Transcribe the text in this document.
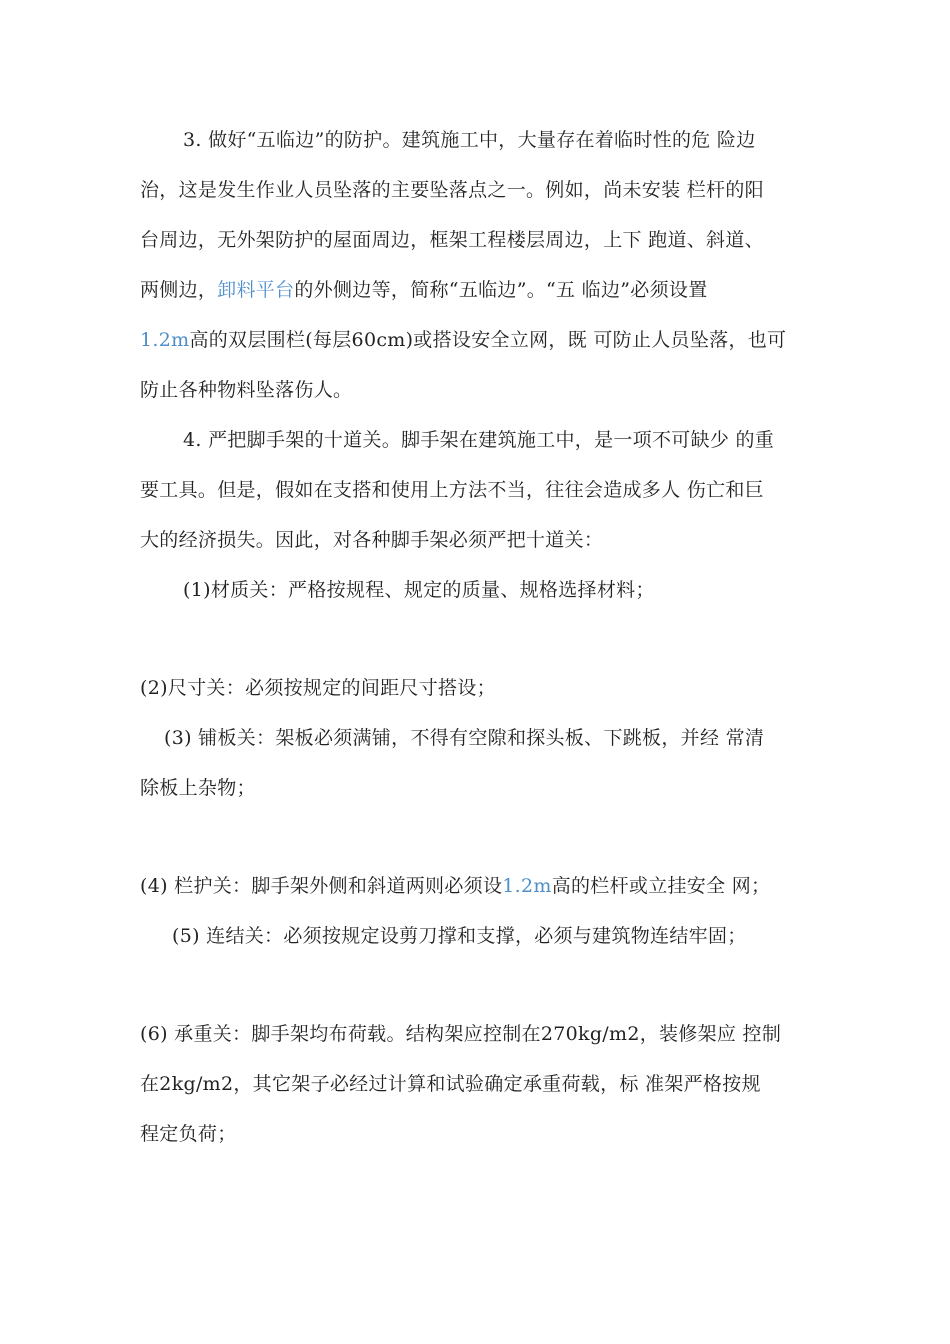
3. 做好“五临边”的防护。建筑施工中，大量存在着临时性的危 险边
治，这是发生作业人员坠落的主要坠落点之一。例如，尚未安装 栏杆的阳
台周边，无外架防护的屋面周边，框架工程楼层周边，上下 跑道、斜道、
两侧边，卸料平台的外侧边等，简称“五临边”。“五 临边”必须设置
1.2m高的双层围栏(每层60cm)或搭设安全立网，既 可防止人员坠落，也可
防止各种物料坠落伤人。
4. 严把脚手架的十道关。脚手架在建筑施工中，是一项不可缺少 的重
要工具。但是，假如在支搭和使用上方法不当，往往会造成多人 伤亡和巨
大的经济损失。因此，对各种脚手架必须严把十道关：
(1)材质关：严格按规程、规定的质量、规格选择材料；
(2)尺寸关：必须按规定的间距尺寸搭设；
(3) 铺板关：架板必须满铺，不得有空隙和探头板、下跳板，并经 常清
除板上杂物；
(4) 栏护关：脚手架外侧和斜道两则必须设1.2m高的栏杆或立挂安全 网；
(5) 连结关：必须按规定设剪刀撑和支撑，必须与建筑物连结牢固；
(6) 承重关：脚手架均布荷载。结构架应控制在270kg/m2，装修架应 控制
在2kg/m2，其它架子必经过计算和试验确定承重荷载，标 准架严格按规
程定负荷；
